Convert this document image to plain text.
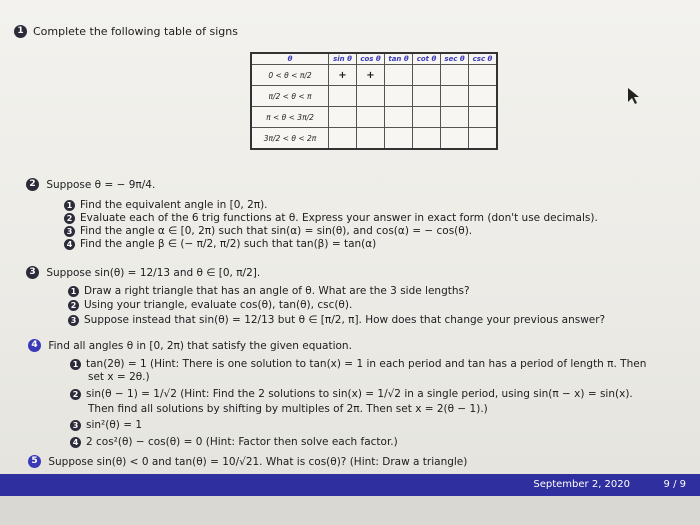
1 Complete the following table of signs
θ	sin θ	cos θ	tan θ	cot θ	sec θ	csc θ
0 < θ < π/2	+	+				
π/2 < θ < π						
π < θ < 3π/2						
3π/2 < θ < 2π						
2 Suppose θ = − 9π/4.
1 Find the equivalent angle in [0, 2π).
2 Evaluate each of the 6 trig functions at θ. Express your answer in exact form (don't use decimals).
3 Find the angle α ∈ [0, 2π) such that sin(α) = sin(θ), and cos(α) = − cos(θ).
4 Find the angle β ∈ (− π/2, π/2) such that tan(β) = tan(α)
3 Suppose sin(θ) = 12/13 and θ ∈ [0, π/2].
1 Draw a right triangle that has an angle of θ. What are the 3 side lengths?
2 Using your triangle, evaluate cos(θ), tan(θ), csc(θ).
3 Suppose instead that sin(θ) = 12/13 but θ ∈ [π/2, π]. How does that change your previous answer?
4 Find all angles θ in [0, 2π) that satisfy the given equation.
1 tan(2θ) = 1 (Hint: There is one solution to tan(x) = 1 in each period and tan has a period of length π. Then
set x = 2θ.)
2 sin(θ − 1) = 1/√2 (Hint: Find the 2 solutions to sin(x) = 1/√2 in a single period, using sin(π − x) = sin(x).
Then find all solutions by shifting by multiples of 2π. Then set x = 2(θ − 1).)
3 sin²(θ) = 1
4 2 cos²(θ) − cos(θ) = 0 (Hint: Factor then solve each factor.)
5 Suppose sin(θ) < 0 and tan(θ) = 10/√21. What is cos(θ)? (Hint: Draw a triangle)
September 2, 2020	9 / 9
